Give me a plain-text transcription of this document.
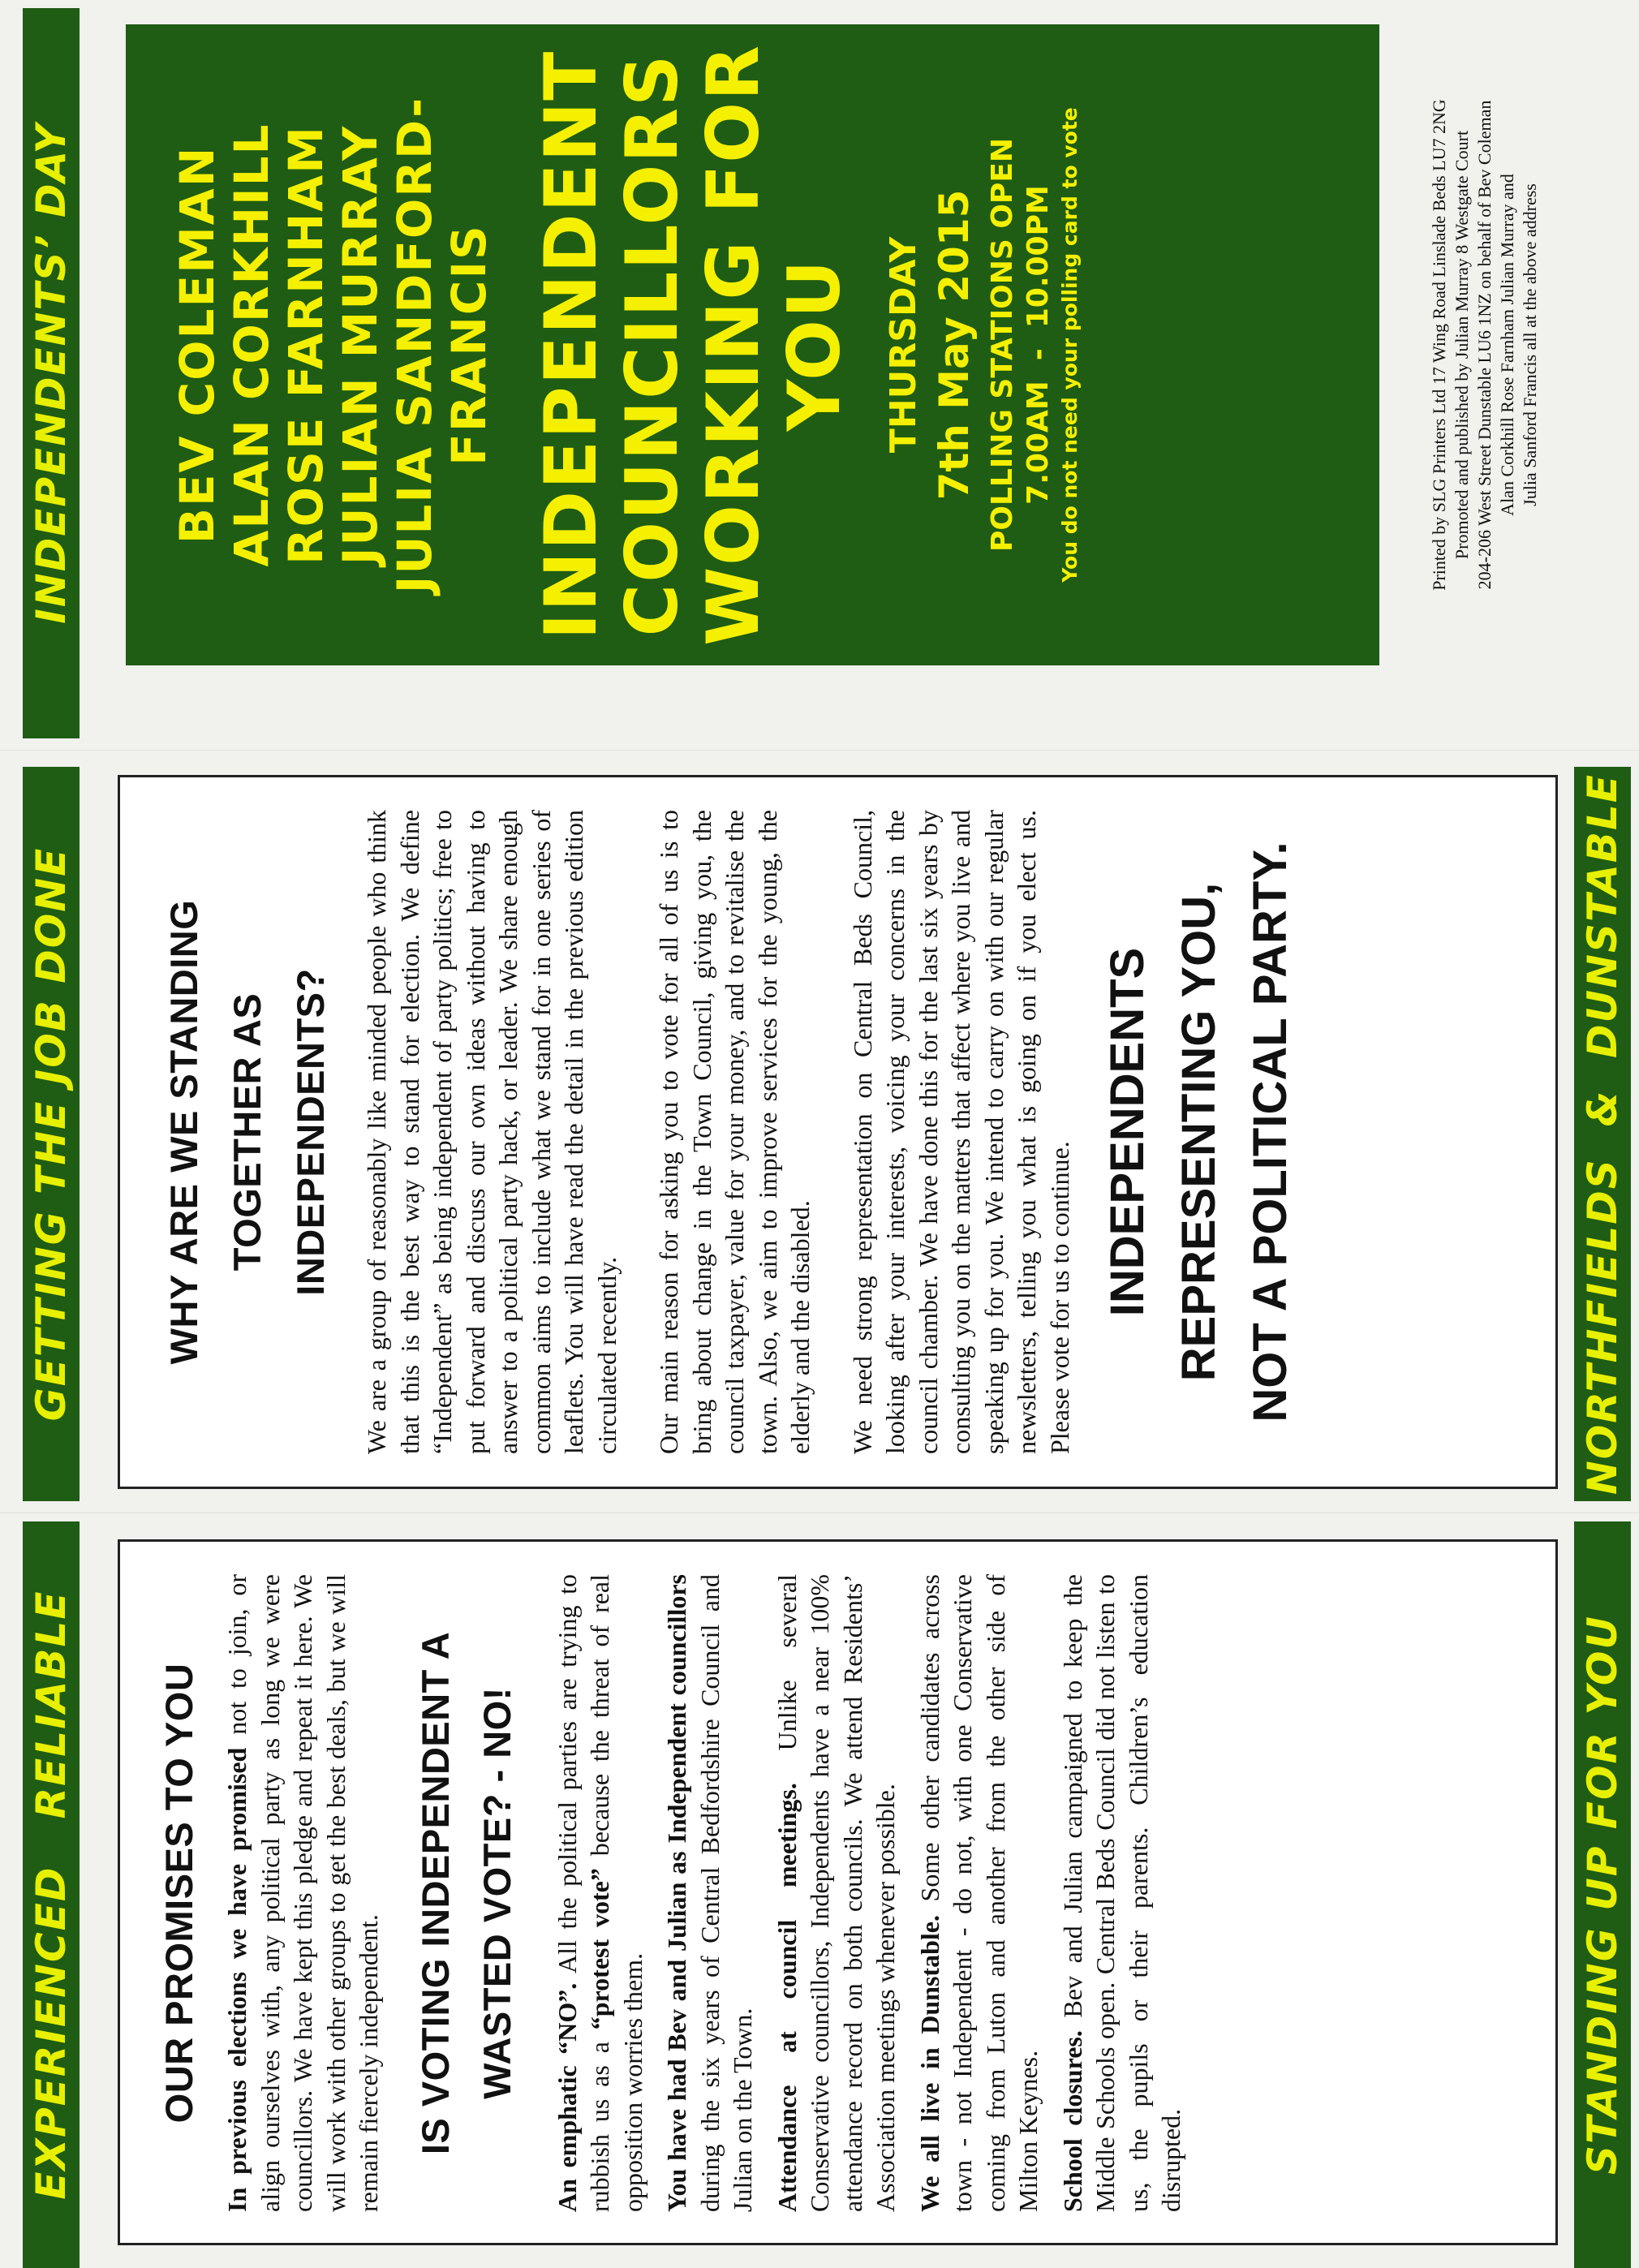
EXPERIENCED   RELIABLE	STANDING UP FOR YOU
OUR PROMISES TO YOU In previous elections we have promised not to join, or align ourselves with, any political party as long we were councillors. We have kept this pledge and repeat it here. We will work with other groups to get the best deals, but we will remain fiercely independent. IS VOTING INDEPENDENT A WASTED VOTE? - NO!	An emphatic “NO”. All the political parties are trying to rubbish us as a “protest vote” because the threat of real opposition worries them. You have had Bev and Julian as Independent councillors during the six years of Central Bedfordshire Council and Julian on the Town. Attendance at council meetings. Unlike several Conservative councillors, Independents have a near 100% attendance record on both councils. We attend Residents’ Association meetings whenever possible. We all live in Dunstable. Some other candidates across town - not Independent - do not, with one Conservative coming from Luton and another from the other side of Milton Keynes. School closures. Bev and Julian campaigned to keep the Middle Schools open. Central Beds Council did not listen to us, the pupils or their parents. Children’s education disrupted.

GETTING THE JOB DONE	NORTHFIELDS  &  DUNSTABLE
WHY ARE WE STANDING TOGETHER AS INDEPENDENTS?	We are a group of reasonably like minded people who think that this is the best way to stand for election. We define “Independent” as being independent of party politics; free to put forward and discuss our own ideas without having to answer to a political party hack, or leader. We share enough common aims to include what we stand for in one series of leaflets. You will have read the detail in the previous edition circulated recently. Our main reason for asking you to vote for all of us is to bring about change in the Town Council, giving you, the council taxpayer, value for your money, and to revitalise the town. Also, we aim to improve services for the young, the elderly and the disabled. We need strong representation on Central Beds Council, looking after your interests, voicing your concerns in the council chamber. We have done this for the last six years by consulting you on the matters that affect where you live and speaking up for you. We intend to carry on with our regular newsletters, telling you what is going on if you elect us. Please vote for us to continue. INDEPENDENTS REPRESENTING YOU, NOT A POLITICAL PARTY.
INDEPENDENTS’ DAY BEV COLEMAN ALAN CORKHILL ROSE FARNHAM JULIAN MURRAY JULIA SANDFORD- FRANCIS INDEPENDENT
COUNCILLORS
WORKING FOR
YOU THURSDAY 7th May 2015 POLLING STATIONS OPEN 7.00AM  -  10.00PM You do not need your polling card to vote	Printed by SLG Printers Ltd 17 Wing Road Linslade Beds LU7 2NG Promoted and published by Julian Murray 8 Westgate Court 204-206 West Street Dunstable LU6 1NZ on behalf of Bev Coleman Alan Corkhill Rose Farnham Julian Murray and Julia Sanford Francis all at the above address
